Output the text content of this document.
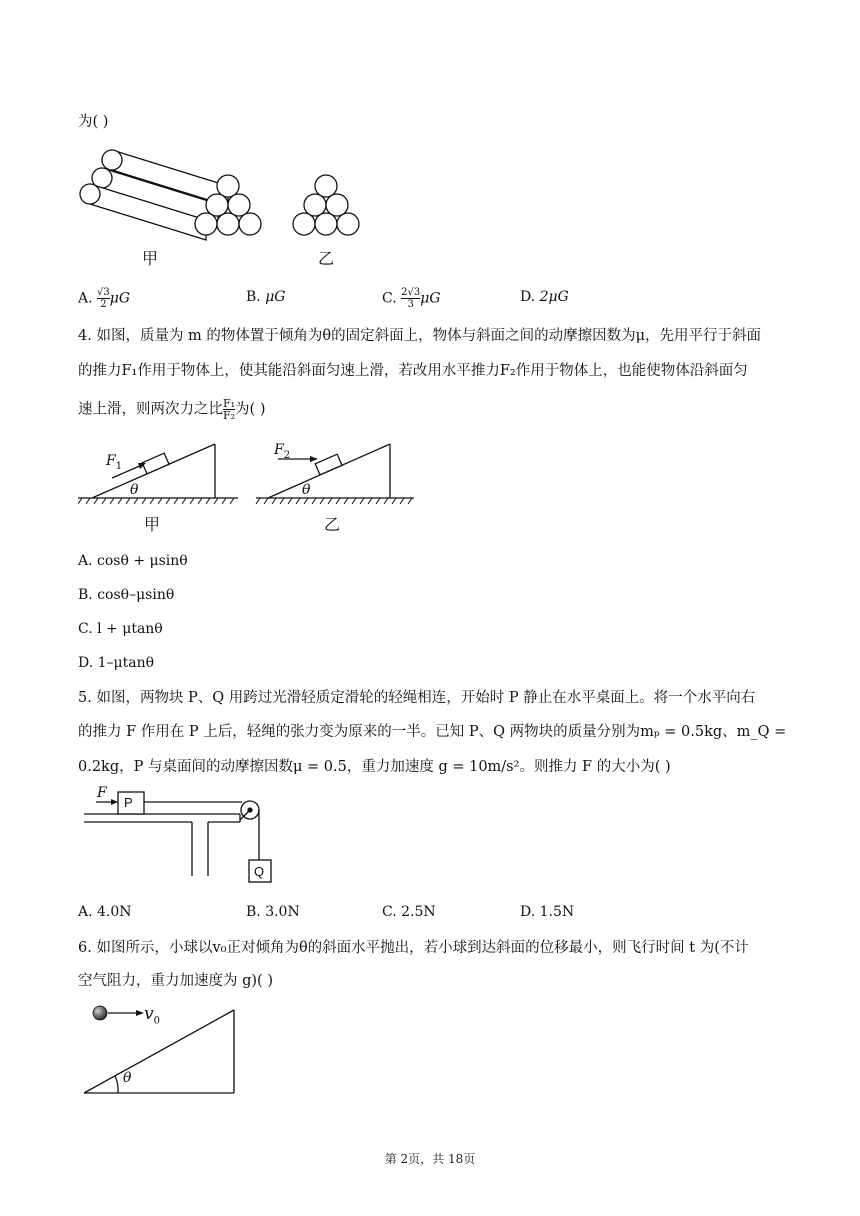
为( )
甲	乙
A. $\frac{√3}{2}$ μG	B. μG	C. $\frac{2√3}{3}$ μG	D. 2μG
4. 如图，质量为 m 的物体置于倾角为θ的固定斜面上，物体与斜面之间的动摩擦因数为μ，先用平行于斜面
的推力F₁作用于物体上，使其能沿斜面匀速上滑，若改用水平推力F₂作用于物体上，也能使物体沿斜面匀
速上滑，则两次力之比 $\frac{\text{F₁}}{\text{F₂}}$ 为( )
$F_1$
θ
甲
$F_2$
θ
乙
A. cosθ + μsinθ
B. cosθ–μsinθ
C. l + μtanθ
D. 1–μtanθ
5. 如图，两物块 P、Q 用跨过光滑轻质定滑轮的轻绳相连，开始时 P 静止在水平桌面上。将一个水平向右
的推力 F 作用在 P 上后，轻绳的张力变为原来的一半。已知 P、Q 两物块的质量分别为mₚ = 0.5kg、m_Q =
0.2kg，P 与桌面间的动摩擦因数μ = 0.5，重力加速度 g = 10m/s²。则推力 F 的大小为( )
F
P
Q
A. 4.0N	B. 3.0N	C. 2.5N	D. 1.5N
6. 如图所示，小球以v₀正对倾角为θ的斜面水平抛出，若小球到达斜面的位移最小，则飞行时间 t 为(不计
空气阻力，重力加速度为 g)( )
$v_0$
θ
第 2页，共 18页
